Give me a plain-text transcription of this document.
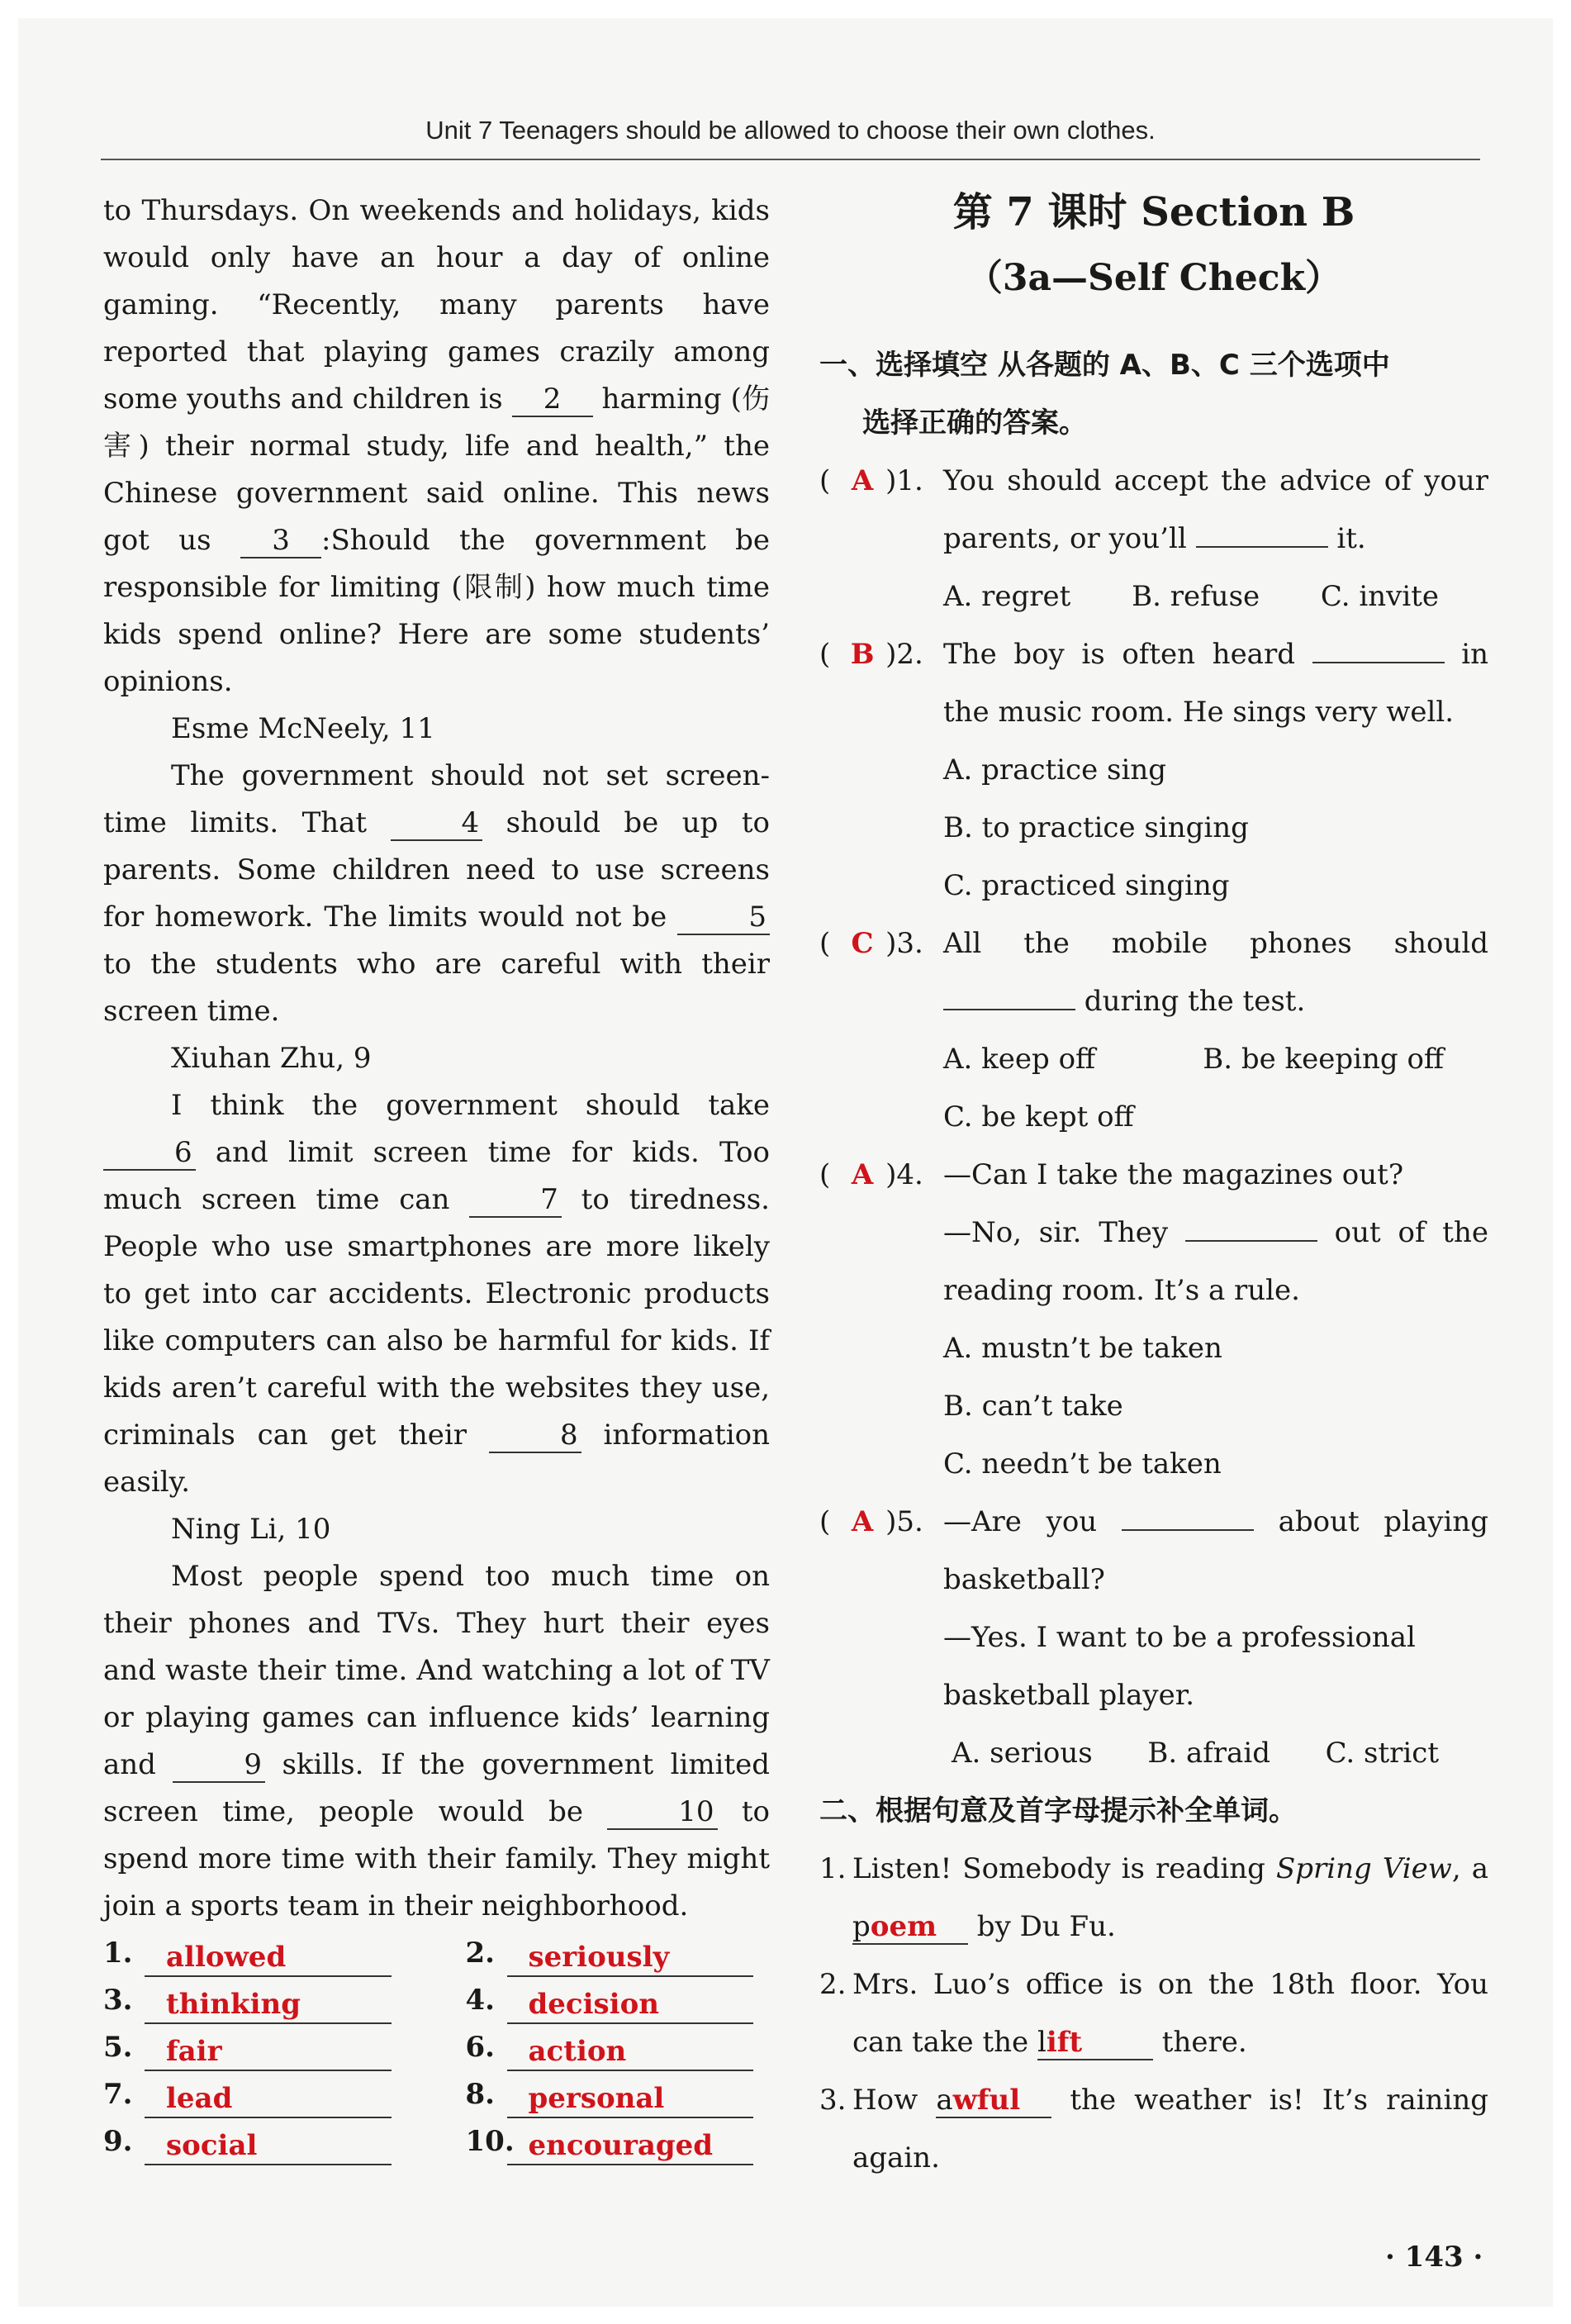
Unit 7 Teenagers should be allowed to choose their own clothes.

to Thursdays. On weekends and holidays, kids would only have an hour a day of online gaming. “Recently, many parents have reported that playing games crazily among some youths and children is 2 harming (伤害) their normal study, life and health,” the Chinese government said online. This news got us 3 :Should the government be responsible for limiting (限制) how much time kids spend online? Here are some students’ opinions.

Esme McNeely, 11

The government should not set screen-time limits. That	4 should be up to parents. Some children need to use screens for homework. The limits would not be	5 to the students who are careful with their screen time.

Xiuhan Zhu, 9

I think the government should take 6 and limit screen time for kids. Too much screen time can	7 to tiredness. People who use smartphones are more likely to get into car accidents. Electronic products like computers can also be harmful for kids. If kids aren’t careful with the websites they use, criminals can get their	8 information easily.

Ning Li, 10

Most people spend too much time on their phones and TVs. They hurt their eyes and waste their time. And watching a lot of TV or playing games can influence kids’ learning and	9 skills. If the government limited screen time, people would be	10 to spend more time with their family. They might join a sports team in their neighborhood.

1.	allowed	2.	seriously
3.	thinking	4.	decision
5.	fair	6.	action
7.	lead	8.	personal
9.	social	10. encouraged
第 7 课时 Section B
（3a—Self Check）
一、选择填空 从各题的 A、B、C 三个选项中
选择正确的答案。
( A )1. You should accept the advice of your parents, or you’ll	it.
A. regret B. refuse C. invite
( B )2. The boy is often heard	in the music room. He sings very well.
A. practice sing
B. to practice singing
C. practiced singing
( C )3. All the mobile phones should  during the test.
A. keep off	B. be keeping off
C. be kept off
( A )4. —Can I take the magazines out?
—No, sir. They	out of the reading room. It’s a rule.
A. mustn’t be taken
B. can’t take
C. needn’t be taken
( A )5. —Are you	about playing basketball?
—Yes. I want to be a professional basketball player.
A. serious B. afraid C. strict
二、根据句意及首字母提示补全单词。
1. Listen! Somebody is reading Spring View, a poem by Du Fu.
2. Mrs. Luo’s office is on the 18th floor. You can take the lift	there.
3. How awful the weather is! It’s raining again.
· 143 ·
